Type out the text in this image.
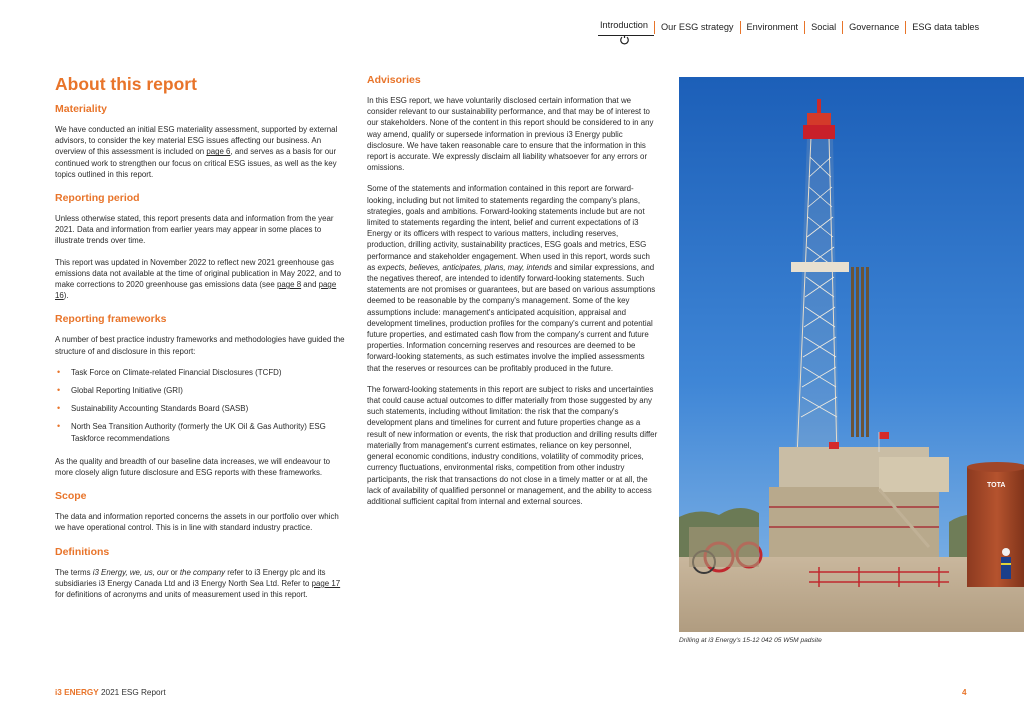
Introduction	Our ESG strategy	Environment	Social	Governance	ESG data tables
About this report
Materiality

We have conducted an initial ESG materiality assessment, supported by external advisors, to consider the key material ESG issues affecting our business. An overview of this assessment is included on page 6, and serves as a basis for our continued work to strengthen our focus on critical ESG issues, as well as the key topics outlined in this report.

Reporting period

Unless otherwise stated, this report presents data and information from the year 2021. Data and information from earlier years may appear in some places to illustrate trends over time.

This report was updated in November 2022 to reflect new 2021 greenhouse gas emissions data not available at the time of original publication in May 2022, and to make corrections to 2020 greenhouse gas emissions data (see page 8 and page 16).

Reporting frameworks

A number of best practice industry frameworks and methodologies have guided the structure of and disclosure in this report:

• Task Force on Climate-related Financial Disclosures (TCFD)
• Global Reporting Initiative (GRI)
• Sustainability Accounting Standards Board (SASB)
• North Sea Transition Authority (formerly the UK Oil & Gas Authority) ESG Taskforce recommendations

As the quality and breadth of our baseline data increases, we will endeavour to more closely align future disclosure and ESG reports with these frameworks.

Scope

The data and information reported concerns the assets in our portfolio over which we have operational control. This is in line with standard industry practice.

Definitions

The terms i3 Energy, we, us, our or the company refer to i3 Energy plc and its subsidiaries i3 Energy Canada Ltd and i3 Energy North Sea Ltd. Refer to page 17 for definitions of acronyms and units of measurement used in this report.

Advisories

In this ESG report, we have voluntarily disclosed certain information that we consider relevant to our sustainability performance, and that may be of interest to our stakeholders. None of the content in this report should be considered to in any way amend, qualify or supersede information in previous i3 Energy public disclosure. We have taken reasonable care to ensure that the information in this report is accurate. We expressly disclaim all liability whatsoever for any errors or omissions.

Some of the statements and information contained in this report are forward-looking, including but not limited to statements regarding the company's plans, strategies, goals and ambitions. Forward-looking statements include but are not limited to statements regarding the intent, belief and current expectations of i3 Energy or its officers with respect to various matters, including reserves, production, drilling activity, sustainability practices, ESG goals and metrics, ESG performance and stakeholder engagement. When used in this report, words such as expects, believes, anticipates, plans, may, intends and similar expressions, and the negatives thereof, are intended to identify forward-looking statements. Such statements are not promises or guarantees, but are based on various assumptions deemed to be reasonable by the company's management. Some of the key assumptions include: management's anticipated acquisition, appraisal and development timelines, production profiles for the company's current and potential future properties, and estimated cash flow from the company's current and future properties. Information concerning reserves and resources are deemed to be forward-looking statements, as such estimates involve the implied assessments that the reserves or resources can be profitably produced in the future.

The forward-looking statements in this report are subject to risks and uncertainties that could cause actual outcomes to differ materially from those suggested by any such statements, including without limitation: the risk that the company's development plans and timelines for current and future properties change as a result of new information or events, the risk that production and drilling results differ materially from management's current estimates, reliance on key personnel, general economic conditions, industry conditions, volatility of commodity prices, currency fluctuations, environmental risks, competition from other industry participants, the risk that transactions do not close in a timely matter or at all, the lack of availability of qualified personnel or management, and the ability to access additional sufficient capital from internal and external sources.

TOTA
Drilling at i3 Energy's 15-12 042 05 W5M padsite
i3 ENERGY 2021 ESG Report	4
